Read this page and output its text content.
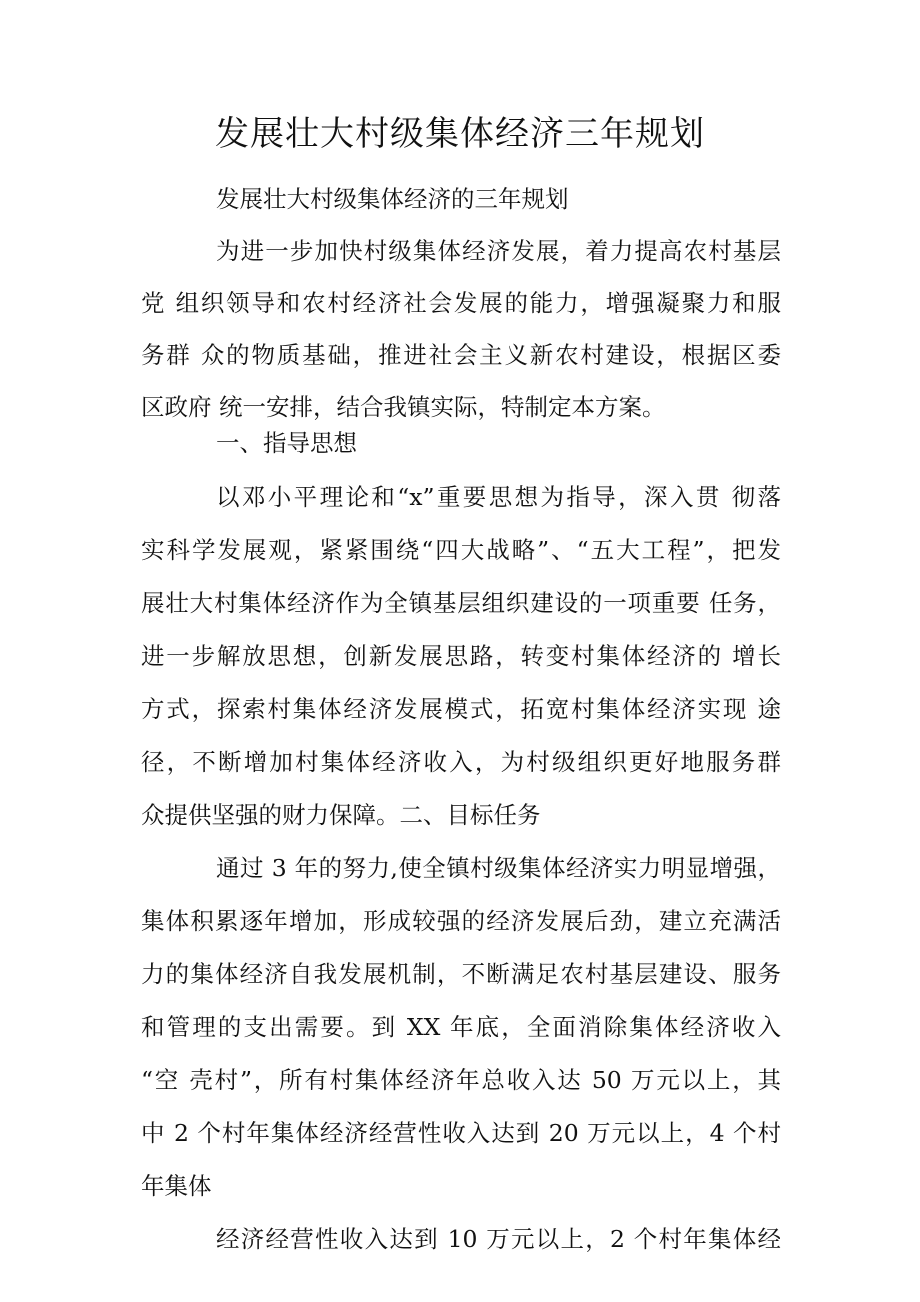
发展壮大村级集体经济三年规划

发展壮大村级集体经济的三年规划

为进一步加快村级集体经济发展，着力提高农村基层

党 组织领导和农村经济社会发展的能力，增强凝聚力和服

务群 众的物质基础，推进社会主义新农村建设，根据区委

区政府 统一安排，结合我镇实际，特制定本方案。

一、指导思想

以邓小平理论和“x”重要思想为指导，深入贯 彻落

实科学发展观，紧紧围绕“四大战略”、“五大工程”，把发

展壮大村集体经济作为全镇基层组织建设的一项重要 任务，

进一步解放思想，创新发展思路，转变村集体经济的 增长

方式，探索村集体经济发展模式，拓宽村集体经济实现 途

径，不断增加村集体经济收入，为村级组织更好地服务群

众提供坚强的财力保障。二、目标任务

通过 3 年的努力,使全镇村级集体经济实力明显增强，

集体积累逐年增加，形成较强的经济发展后劲，建立充满活

力的集体经济自我发展机制，不断满足农村基层建设、服务

和管理的支出需要。到 XX 年底，全面消除集体经济收入

“空 壳村”，所有村集体经济年总收入达 50 万元以上，其

中 2 个村年集体经济经营性收入达到 20 万元以上，4 个村

年集体

经济经营性收入达到 10 万元以上，2 个村年集体经
